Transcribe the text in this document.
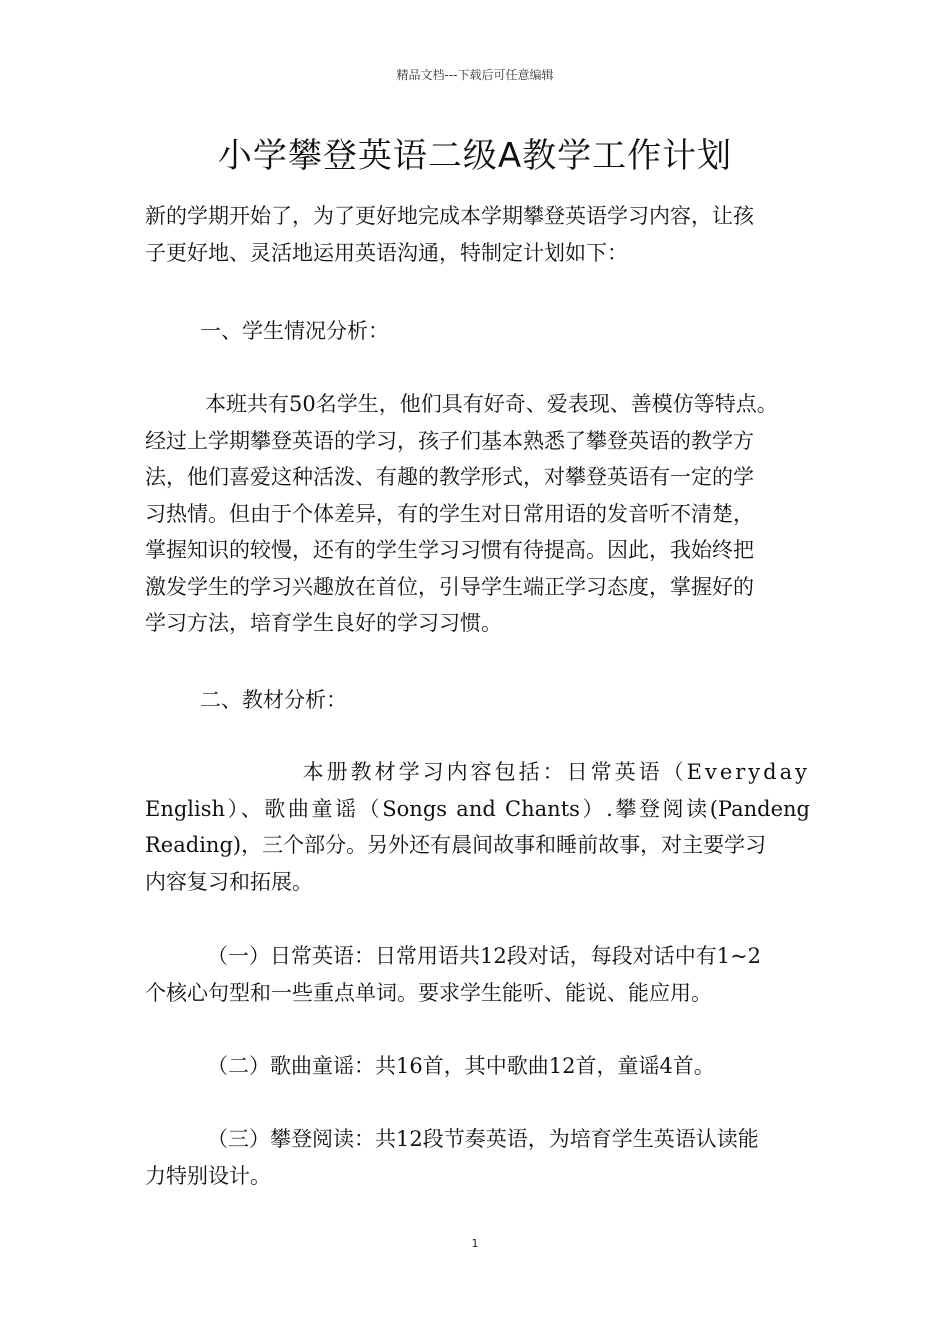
精品文档---下载后可任意编辑
小学攀登英语二级A教学工作计划
新的学期开始了，为了更好地完成本学期攀登英语学习内容，让孩
子更好地、灵活地运用英语沟通，特制定计划如下：
一、学生情况分析：
本班共有50名学生，他们具有好奇、爱表现、善模仿等特点。
经过上学期攀登英语的学习，孩子们基本熟悉了攀登英语的教学方
法，他们喜爱这种活泼、有趣的教学形式，对攀登英语有一定的学
习热情。但由于个体差异，有的学生对日常用语的发音听不清楚，
掌握知识的较慢，还有的学生学习习惯有待提高。因此，我始终把
激发学生的学习兴趣放在首位，引导学生端正学习态度，掌握好的
学习方法，培育学生良好的学习习惯。
二、教材分析：
本册教材学习内容包括：日常英语（Everyday
English）、歌曲童谣（Songs and Chants）.攀登阅读(Pandeng
Reading)，三个部分。另外还有晨间故事和睡前故事，对主要学习
内容复习和拓展。
（一）日常英语：日常用语共12段对话，每段对话中有1~2
个核心句型和一些重点单词。要求学生能听、能说、能应用。
（二）歌曲童谣：共16首，其中歌曲12首，童谣4首。
（三）攀登阅读：共12段节奏英语，为培育学生英语认读能
力特别设计。
1
